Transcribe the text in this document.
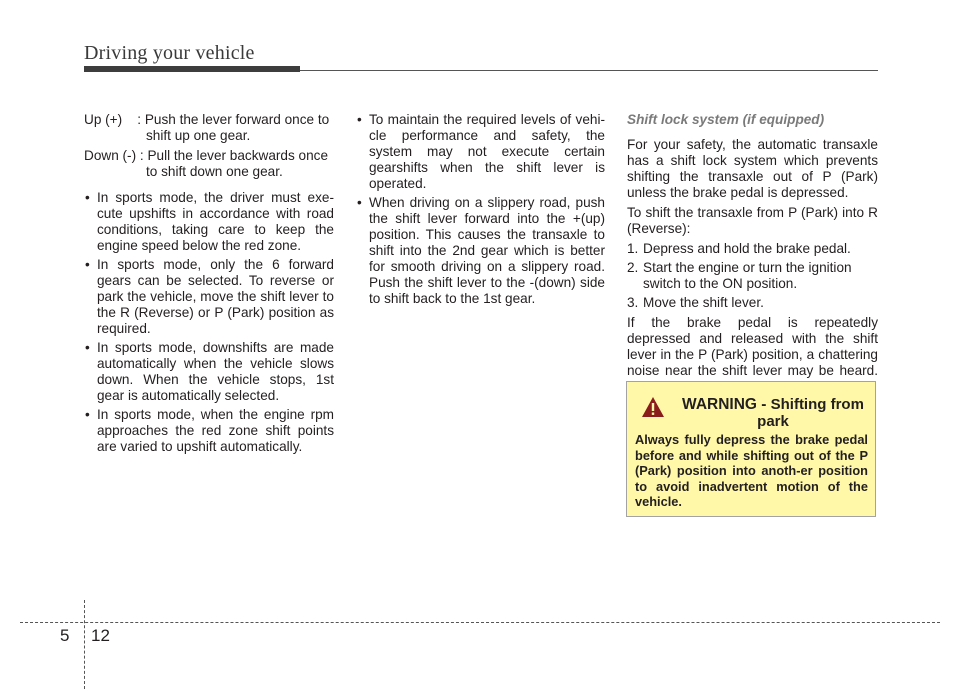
Driving your vehicle
Up (+)    : Push the lever forward once to
shift up one gear.
Down (-) : Pull the lever backwards once
to shift down one gear.
• In sports mode, the driver must exe-cute upshifts in accordance with road conditions, taking care to keep the engine speed below the red zone.
• In sports mode, only the 6 forward gears can be selected. To reverse or park the vehicle, move the shift lever to the R (Reverse) or P (Park) position as required.
• In sports mode, downshifts are made automatically when the vehicle slows down. When the vehicle stops, 1st gear is automatically selected.
• In sports mode, when the engine rpm approaches the red zone shift points are varied to upshift automatically.
• To maintain the required levels of vehi-cle performance and safety, the system may not execute certain gearshifts when the shift lever is operated.
• When driving on a slippery road, push the shift lever forward into the +(up) position. This causes the transaxle to shift into the 2nd gear which is better for smooth driving on a slippery road. Push the shift lever to the -(down) side to shift back to the 1st gear.
Shift lock system (if equipped)

For your safety, the automatic transaxle has a shift lock system which prevents shifting the transaxle out of P (Park) unless the brake pedal is depressed.

To shift the transaxle from P (Park) into R (Reverse):

1. Depress and hold the brake pedal.
2. Start the engine or turn the ignition switch to the ON position.
3. Move the shift lever.

If the brake pedal is repeatedly depressed and released with the shift lever in the P (Park) position, a chattering noise near the shift lever may be heard.

WARNING - Shifting from park
Always fully depress the brake pedal before and while shifting out of the P (Park) position into anoth-er position to avoid inadvertent motion of the vehicle.
5 12
